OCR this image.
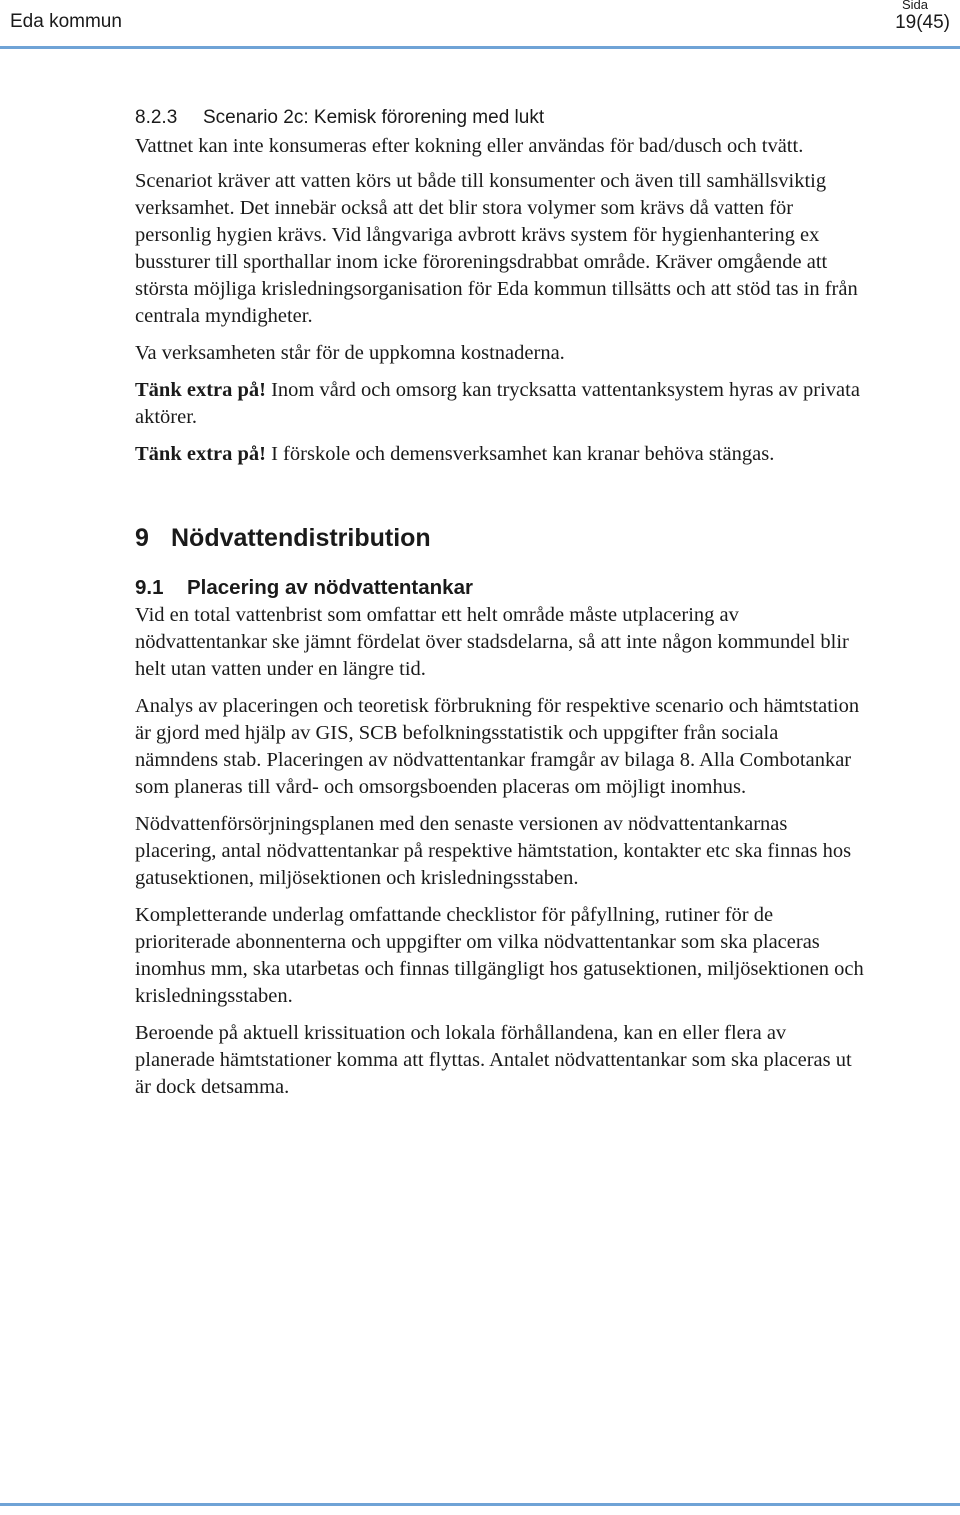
Eda kommun
Sida
19(45)
8.2.3 Scenario 2c: Kemisk förorening med lukt

Vattnet kan inte konsumeras efter kokning eller användas för bad/dusch och tvätt.

Scenariot kräver att vatten körs ut både till konsumenter och även till samhällsviktig verksamhet. Det innebär också att det blir stora volymer som krävs då vatten för personlig hygien krävs. Vid långvariga avbrott krävs system för hygienhantering ex bussturer till sporthallar inom icke föroreningsdrabbat område. Kräver omgående att största möjliga krisledningsorganisation för Eda kommun tillsätts och att stöd tas in från centrala myndigheter.

Va verksamheten står för de uppkomna kostnaderna.

Tänk extra på! Inom vård och omsorg kan trycksatta vattentanksystem hyras av privata aktörer.

Tänk extra på! I förskole och demensverksamhet kan kranar behöva stängas.

9 Nödvattendistribution
9.1 Placering av nödvattentankar

Vid en total vattenbrist som omfattar ett helt område måste utplacering av nödvattentankar ske jämnt fördelat över stadsdelarna, så att inte någon kommundel blir helt utan vatten under en längre tid.

Analys av placeringen och teoretisk förbrukning för respektive scenario och hämtstation är gjord med hjälp av GIS, SCB befolkningsstatistik och uppgifter från sociala nämndens stab. Placeringen av nödvattentankar framgår av bilaga 8. Alla Combotankar som planeras till vård- och omsorgsboenden placeras om möjligt inomhus.

Nödvattenförsörjningsplanen med den senaste versionen av nödvattentankarnas placering, antal nödvattentankar på respektive hämtstation, kontakter etc ska finnas hos gatusektionen, miljösektionen och krisledningsstaben.

Kompletterande underlag omfattande checklistor för påfyllning, rutiner för de prioriterade abonnenterna och uppgifter om vilka nödvattentankar som ska placeras inomhus mm, ska utarbetas och finnas tillgängligt hos gatusektionen, miljösektionen och krisledningsstaben.

Beroende på aktuell krissituation och lokala förhållandena, kan en eller flera av planerade hämtstationer komma att flyttas. Antalet nödvattentankar som ska placeras ut är dock detsamma.
